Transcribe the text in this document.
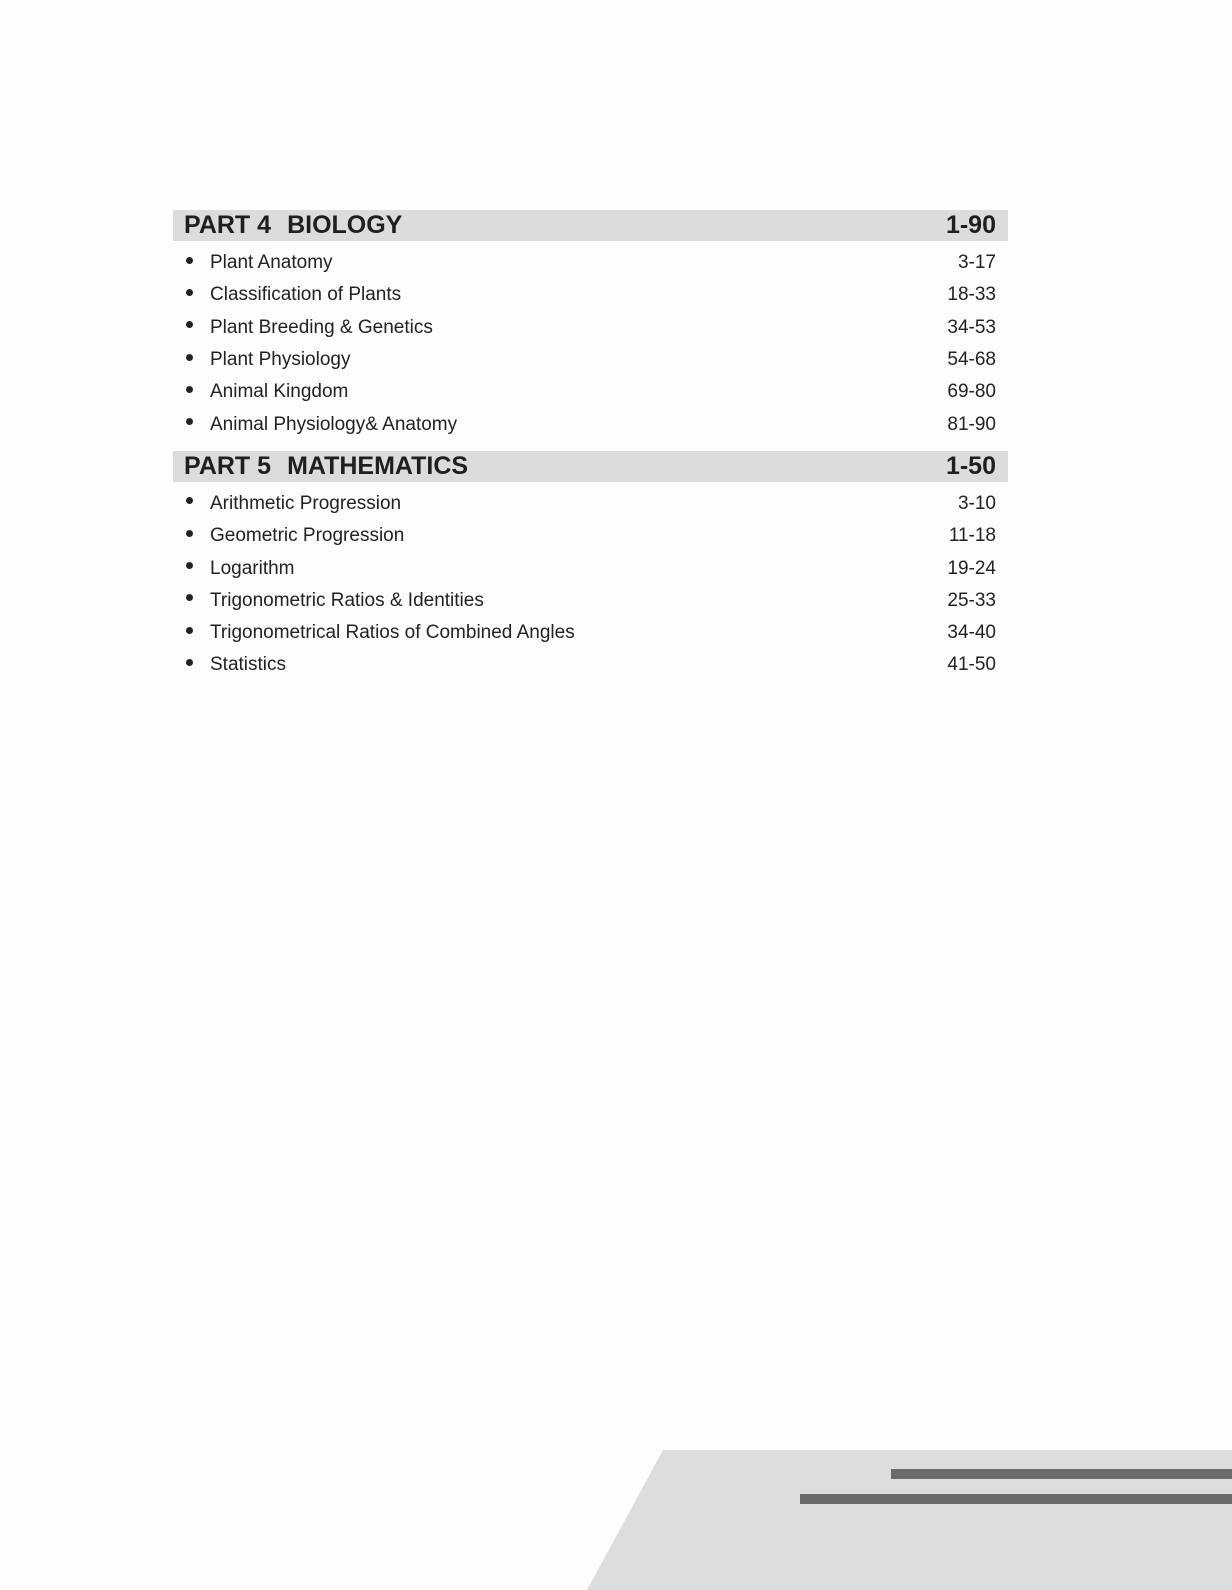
PART 4 BIOLOGY	1-90
Plant Anatomy	3-17
Classification of Plants	18-33
Plant Breeding & Genetics	34-53
Plant Physiology	54-68
Animal Kingdom	69-80
Animal Physiology& Anatomy	81-90
PART 5 MATHEMATICS	1-50
Arithmetic Progression	3-10
Geometric Progression	11-18
Logarithm	19-24
Trigonometric Ratios & Identities	25-33
Trigonometrical Ratios of Combined Angles	34-40
Statistics	41-50
